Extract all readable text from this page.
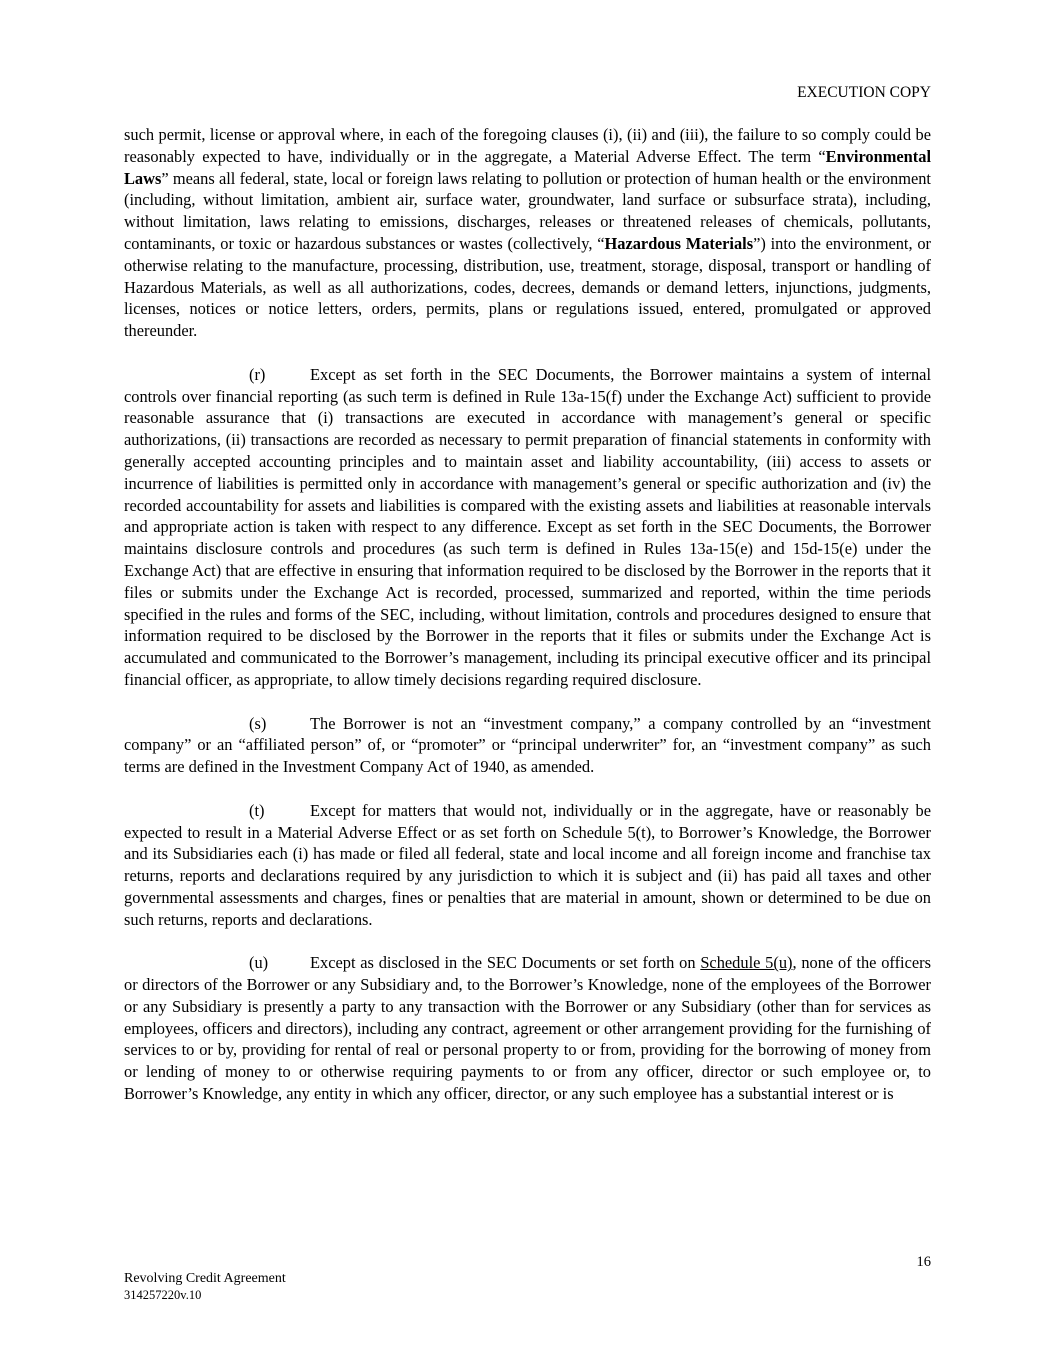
EXECUTION COPY

such permit, license or approval where, in each of the foregoing clauses (i), (ii) and (iii), the failure to so comply could be reasonably expected to have, individually or in the aggregate, a Material Adverse Effect. The term “Environmental Laws” means all federal, state, local or foreign laws relating to pollution or protection of human health or the environment (including, without limitation, ambient air, surface water, groundwater, land surface or subsurface strata), including, without limitation, laws relating to emissions, discharges, releases or threatened releases of chemicals, pollutants, contaminants, or toxic or hazardous substances or wastes (collectively, “Hazardous Materials”) into the environment, or otherwise relating to the manufacture, processing, distribution, use, treatment, storage, disposal, transport or handling of Hazardous Materials, as well as all authorizations, codes, decrees, demands or demand letters, injunctions, judgments, licenses, notices or notice letters, orders, permits, plans or regulations issued, entered, promulgated or approved thereunder.

(r)	Except as set forth in the SEC Documents, the Borrower maintains a system of internal controls over financial reporting (as such term is defined in Rule 13a-15(f) under the Exchange Act) sufficient to provide reasonable assurance that (i) transactions are executed in accordance with management’s general or specific authorizations, (ii) transactions are recorded as necessary to permit preparation of financial statements in conformity with generally accepted accounting principles and to maintain asset and liability accountability, (iii) access to assets or incurrence of liabilities is permitted only in accordance with management’s general or specific authorization and (iv) the recorded accountability for assets and liabilities is compared with the existing assets and liabilities at reasonable intervals and appropriate action is taken with respect to any difference. Except as set forth in the SEC Documents, the Borrower maintains disclosure controls and procedures (as such term is defined in Rules 13a-15(e) and 15d-15(e) under the Exchange Act) that are effective in ensuring that information required to be disclosed by the Borrower in the reports that it files or submits under the Exchange Act is recorded, processed, summarized and reported, within the time periods specified in the rules and forms of the SEC, including, without limitation, controls and procedures designed to ensure that information required to be disclosed by the Borrower in the reports that it files or submits under the Exchange Act is accumulated and communicated to the Borrower’s management, including its principal executive officer and its principal financial officer, as appropriate, to allow timely decisions regarding required disclosure.

(s)	The Borrower is not an “investment company,” a company controlled by an “investment company” or an “affiliated person” of, or “promoter” or “principal underwriter” for, an “investment company” as such terms are defined in the Investment Company Act of 1940, as amended.

(t)	Except for matters that would not, individually or in the aggregate, have or reasonably be expected to result in a Material Adverse Effect or as set forth on Schedule 5(t), to Borrower’s Knowledge, the Borrower and its Subsidiaries each (i) has made or filed all federal, state and local income and all foreign income and franchise tax returns, reports and declarations required by any jurisdiction to which it is subject and (ii) has paid all taxes and other governmental assessments and charges, fines or penalties that are material in amount, shown or determined to be due on such returns, reports and declarations.

(u)	Except as disclosed in the SEC Documents or set forth on Schedule 5(u), none of the officers or directors of the Borrower or any Subsidiary and, to the Borrower’s Knowledge, none of the employees of the Borrower or any Subsidiary is presently a party to any transaction with the Borrower or any Subsidiary (other than for services as employees, officers and directors), including any contract, agreement or other arrangement providing for the furnishing of services to or by, providing for rental of real or personal property to or from, providing for the borrowing of money from or lending of money to or otherwise requiring payments to or from any officer, director or such employee or, to Borrower’s Knowledge, any entity in which any officer, director, or any such employee has a substantial interest or is

16
Revolving Credit Agreement
314257220v.10
